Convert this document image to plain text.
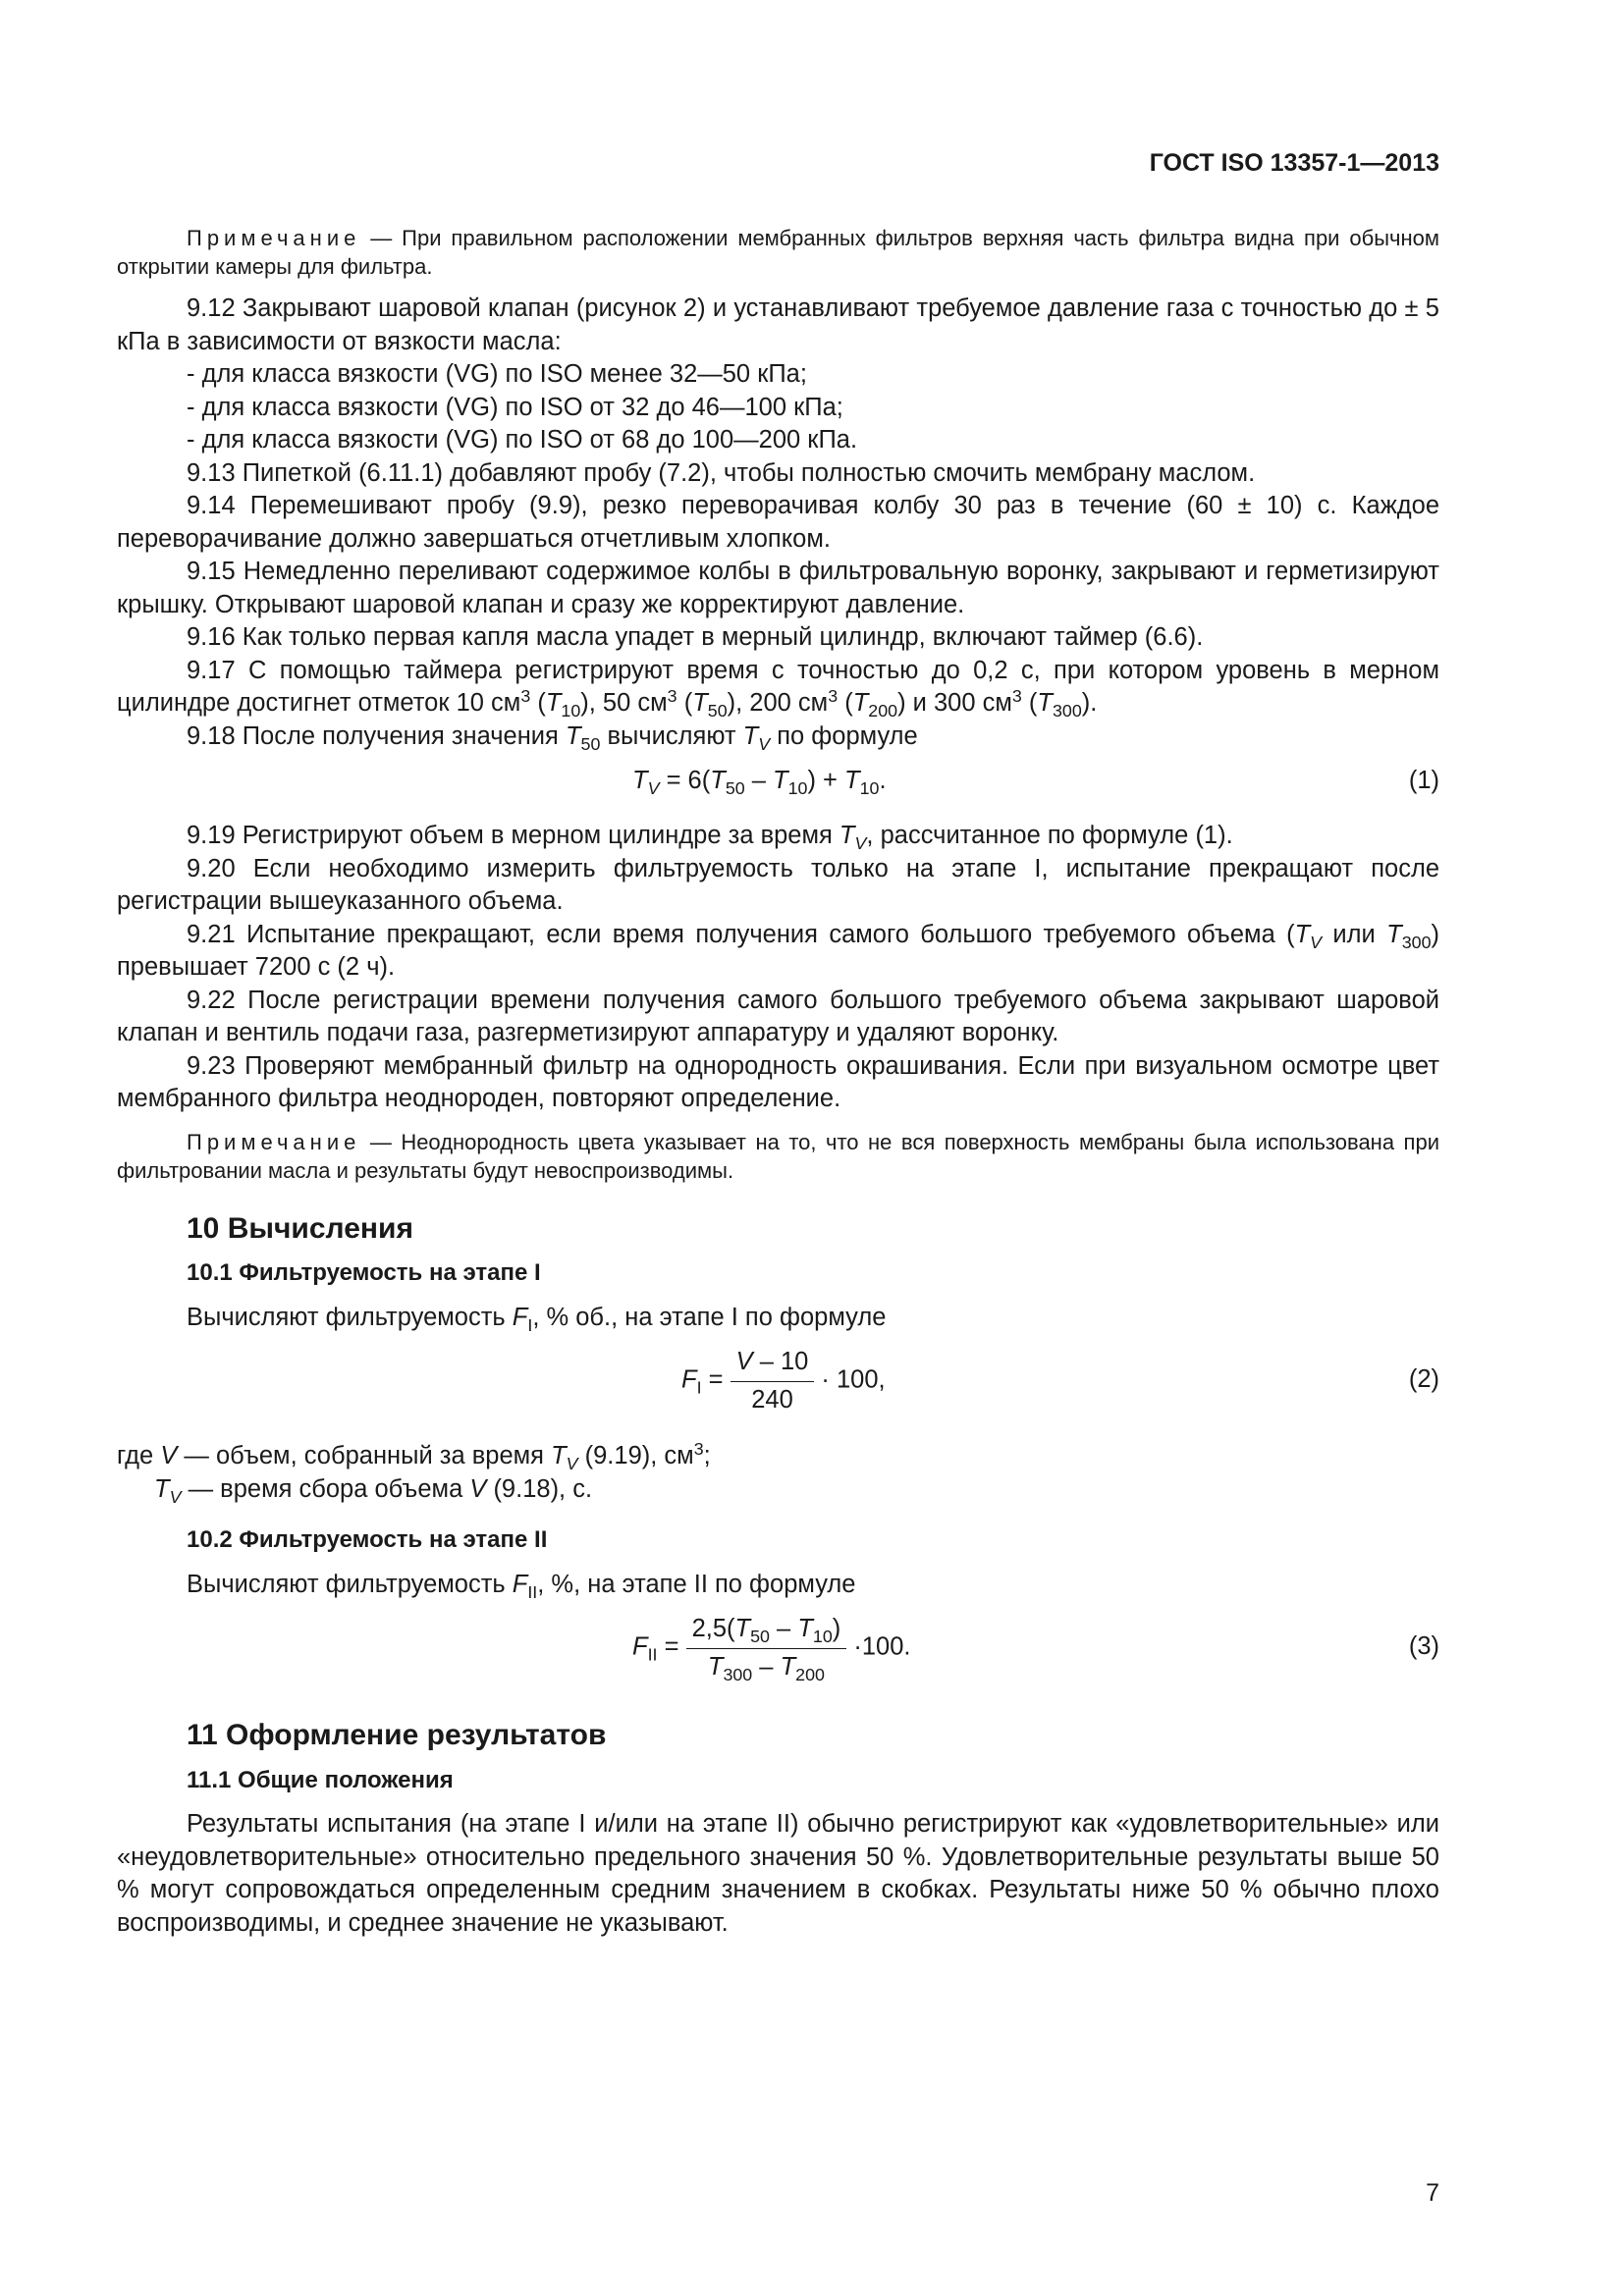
ГОСТ ISO 13357-1—2013

Примечание — При правильном расположении мембранных фильтров верхняя часть фильтра видна при обычном открытии камеры для фильтра.

9.12 Закрывают шаровой клапан (рисунок 2) и устанавливают требуемое давление газа с точностью до ± 5 кПа в зависимости от вязкости масла:

- для класса вязкости (VG) по ISO менее 32—50 кПа;

- для класса вязкости (VG) по ISO от 32 до 46—100 кПа;

- для класса вязкости (VG) по ISO от 68 до 100—200 кПа.

9.13 Пипеткой (6.11.1) добавляют пробу (7.2), чтобы полностью смочить мембрану маслом.

9.14 Перемешивают пробу (9.9), резко переворачивая колбу 30 раз в течение (60 ± 10) с. Каждое переворачивание должно завершаться отчетливым хлопком.

9.15 Немедленно переливают содержимое колбы в фильтровальную воронку, закрывают и герметизируют крышку. Открывают шаровой клапан и сразу же корректируют давление.

9.16 Как только первая капля масла упадет в мерный цилиндр, включают таймер (6.6).

9.17 С помощью таймера регистрируют время с точностью до 0,2 с, при котором уровень в мерном цилиндре достигнет отметок 10 $см^3$ $(T_{10})$, 50 $см^3$ $(T_{50})$, 200 $см^3$ $(T_{200})$ и 300 $см^3$ $(T_{300})$.

9.18 После получения значения $T_{50}$ вычисляют $T_V$ по формуле

$T_V = 6(T_{50} - T_{10}) + T_{10}$.	(1)

9.19 Регистрируют объем в мерном цилиндре за время $T_V$, рассчитанное по формуле (1).

9.20 Если необходимо измерить фильтруемость только на этапе I, испытание прекращают после регистрации вышеуказанного объема.

9.21 Испытание прекращают, если время получения самого большого требуемого объема ($T_V$ или $T_{300}$) превышает 7200 с (2 ч).

9.22 После регистрации времени получения самого большого требуемого объема закрывают шаровой клапан и вентиль подачи газа, разгерметизируют аппаратуру и удаляют воронку.

9.23 Проверяют мембранный фильтр на однородность окрашивания. Если при визуальном осмотре цвет мембранного фильтра неоднороден, повторяют определение.

Примечание — Неоднородность цвета указывает на то, что не вся поверхность мембраны была использована при фильтровании масла и результаты будут невоспроизводимы.

10 Вычисления
10.1 Фильтруемость на этапе I

Вычисляют фильтруемость $F_I$, % об., на этапе I по формуле

$F_I = \frac{V - 10}{240} \cdot 100$,	(2)

где V — объем, собранный за время $T_V$ (9.19), $см^3$;

$T_V$ — время сбора объема V (9.18), с.

10.2 Фильтруемость на этапе II

Вычисляют фильтруемость $F_{II}$, %, на этапе II по формуле

$F_{II} = \frac{2,5(T_{50} - T_{10})}{T_{300} - T_{200}} \cdot 100$.	(3)
11 Оформление результатов
11.1 Общие положения

Результаты испытания (на этапе I и/или на этапе II) обычно регистрируют как «удовлетворительные» или «неудовлетворительные» относительно предельного значения 50 %. Удовлетворительные результаты выше 50 % могут сопровождаться определенным средним значением в скобках. Результаты ниже 50 % обычно плохо воспроизводимы, и среднее значение не указывают.

7
